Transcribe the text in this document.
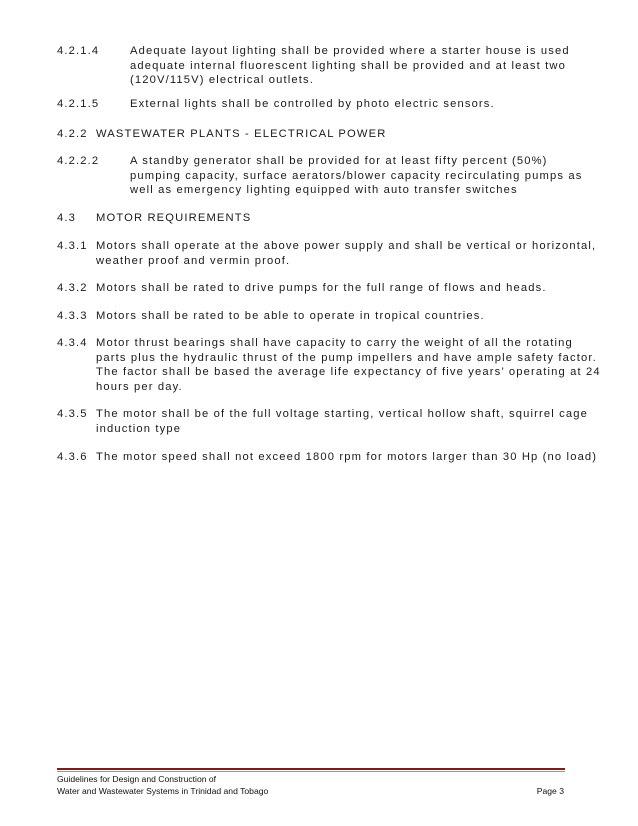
4.2.1.4	Adequate layout lighting shall be provided where a starter house is used
adequate internal fluorescent lighting shall be provided and at least two
(120V/115V) electrical outlets.
4.2.1.5	External lights shall be controlled by photo electric sensors.
4.2.2 WASTEWATER PLANTS - ELECTRICAL POWER
4.2.2.2	A standby generator shall be provided for at least fifty percent (50%)
pumping capacity, surface aerators/blower capacity recirculating pumps as
well as emergency lighting equipped with auto transfer switches
4.3 MOTOR REQUIREMENTS
4.3.1 Motors shall operate at the above power supply and shall be vertical or horizontal,
weather proof and vermin proof.
4.3.2 Motors shall be rated to drive pumps for the full range of flows and heads.
4.3.3 Motors shall be rated to be able to operate in tropical countries.
4.3.4 Motor thrust bearings shall have capacity to carry the weight of all the rotating
parts plus the hydraulic thrust of the pump impellers and have ample safety factor.
The factor shall be based the average life expectancy of five years’ operating at 24
hours per day.
4.3.5 The motor shall be of the full voltage starting, vertical hollow shaft, squirrel cage
induction type
4.3.6 The motor speed shall not exceed 1800 rpm for motors larger than 30 Hp (no load)
Guidelines for Design and Construction of
Water and Wastewater Systems in Trinidad and Tobago	Page 3
